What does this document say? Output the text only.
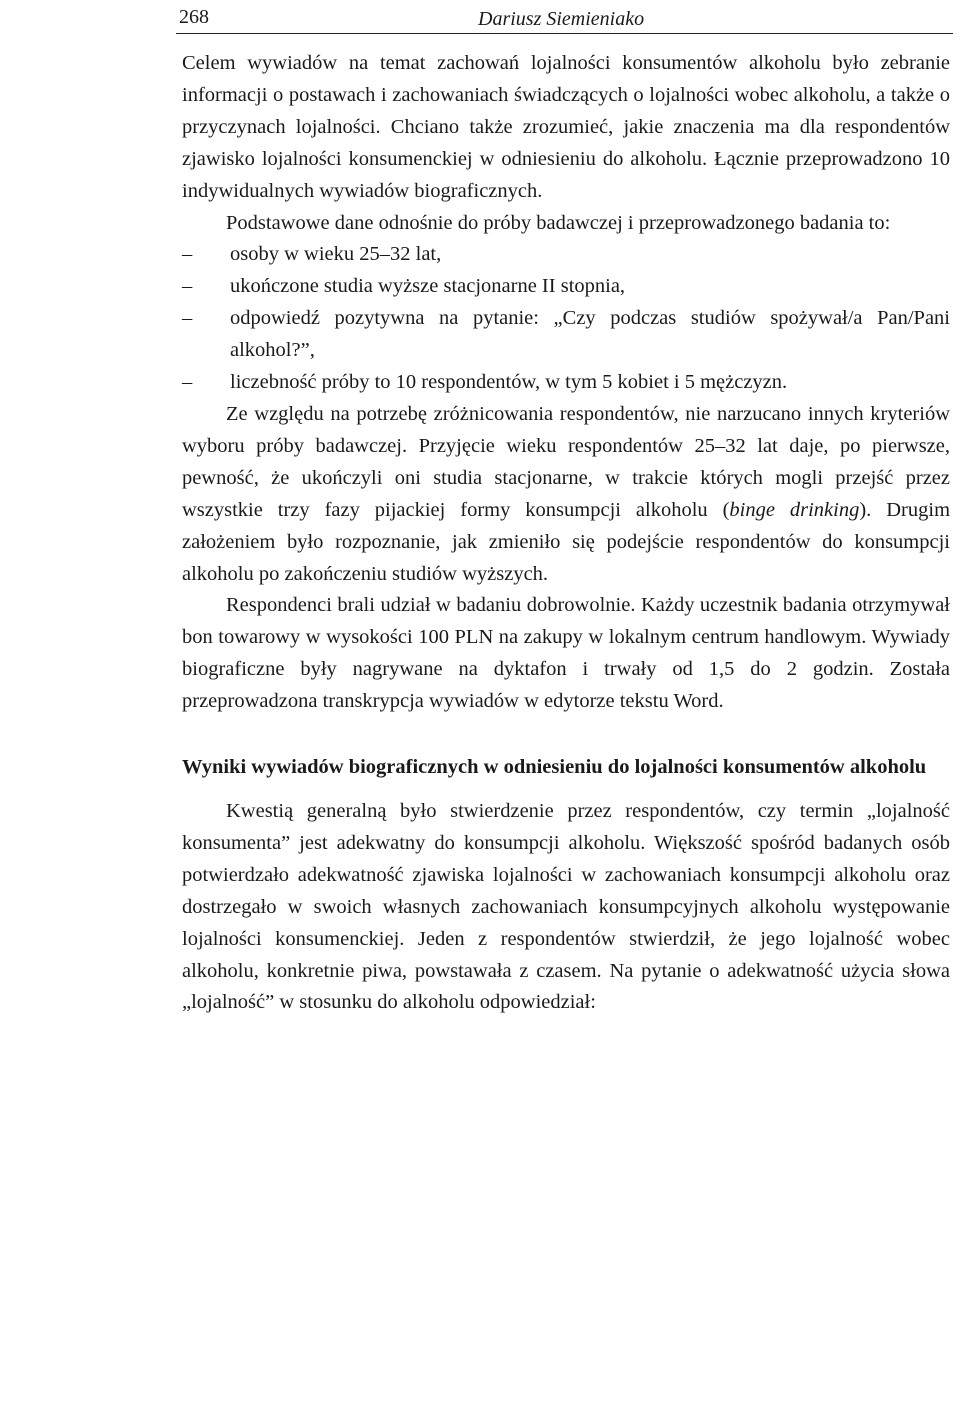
268	Dariusz Siemieniako

Celem wywiadów na temat zachowań lojalności konsumentów alkoholu było zebranie informacji o postawach i zachowaniach świadczących o lojalności wobec alkoholu, a także o przyczynach lojalności. Chciano także zrozumieć, jakie znaczenia ma dla respondentów zjawisko lojalności konsumenckiej w odniesieniu do alkoholu. Łącznie przeprowadzono 10 indywidualnych wywiadów biograficznych.

Podstawowe dane odnośnie do próby badawczej i przeprowadzonego badania to:

– osoby w wieku 25–32 lat,
– ukończone studia wyższe stacjonarne II stopnia,
– odpowiedź pozytywna na pytanie: „Czy podczas studiów spożywał/a Pan/Pani alkohol?”,
– liczebność próby to 10 respondentów, w tym 5 kobiet i 5 mężczyzn.

Ze względu na potrzebę zróżnicowania respondentów, nie narzucano innych kryteriów wyboru próby badawczej. Przyjęcie wieku respondentów 25–32 lat daje, po pierwsze, pewność, że ukończyli oni studia stacjonarne, w trakcie których mogli przejść przez wszystkie trzy fazy pijackiej formy konsumpcji alkoholu (binge drinking). Drugim założeniem było rozpoznanie, jak zmieniło się podejście respondentów do konsumpcji alkoholu po zakończeniu studiów wyższych.

Respondenci brali udział w badaniu dobrowolnie. Każdy uczestnik badania otrzymywał bon towarowy w wysokości 100 PLN na zakupy w lokalnym centrum handlowym. Wywiady biograficzne były nagrywane na dyktafon i trwały od 1,5 do 2 godzin. Została przeprowadzona transkrypcja wywiadów w edytorze tekstu Word.

Wyniki wywiadów biograficznych w odniesieniu do lojalności konsumentów alkoholu

Kwestią generalną było stwierdzenie przez respondentów, czy termin „lojalność konsumenta” jest adekwatny do konsumpcji alkoholu. Większość spośród badanych osób potwierdzało adekwatność zjawiska lojalności w zachowaniach konsumpcji alkoholu oraz dostrzegało w swoich własnych zachowaniach konsumpcyjnych alkoholu występowanie lojalności konsumenckiej. Jeden z respondentów stwierdził, że jego lojalność wobec alkoholu, konkretnie piwa, powstawała z czasem. Na pytanie o adekwatność użycia słowa „lojalność” w stosunku do alkoholu odpowiedział:
